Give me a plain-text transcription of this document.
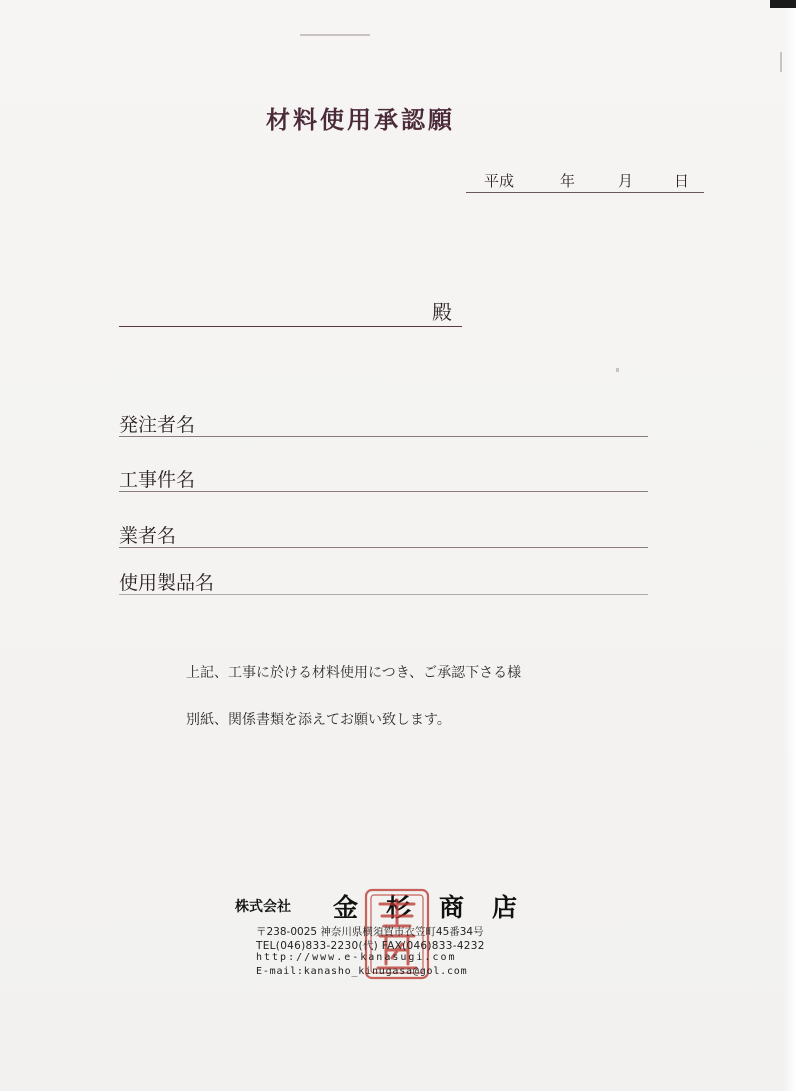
材料使用承認願
平成	年	月	日
殿
発注者名
工事件名
業者名
使用製品名
上記、工事に於ける材料使用につき、ご承認下さる様
別紙、関係書類を添えてお願い致します。
株式会社 金杉商店
〒238-0025 神奈川県横須賀市衣笠町45番34号
TEL(046)833-2230(代) FAX(046)833-4232
http://www.e-kanasugi.com
E-mail:kanasho_kinugasa@gol.com
